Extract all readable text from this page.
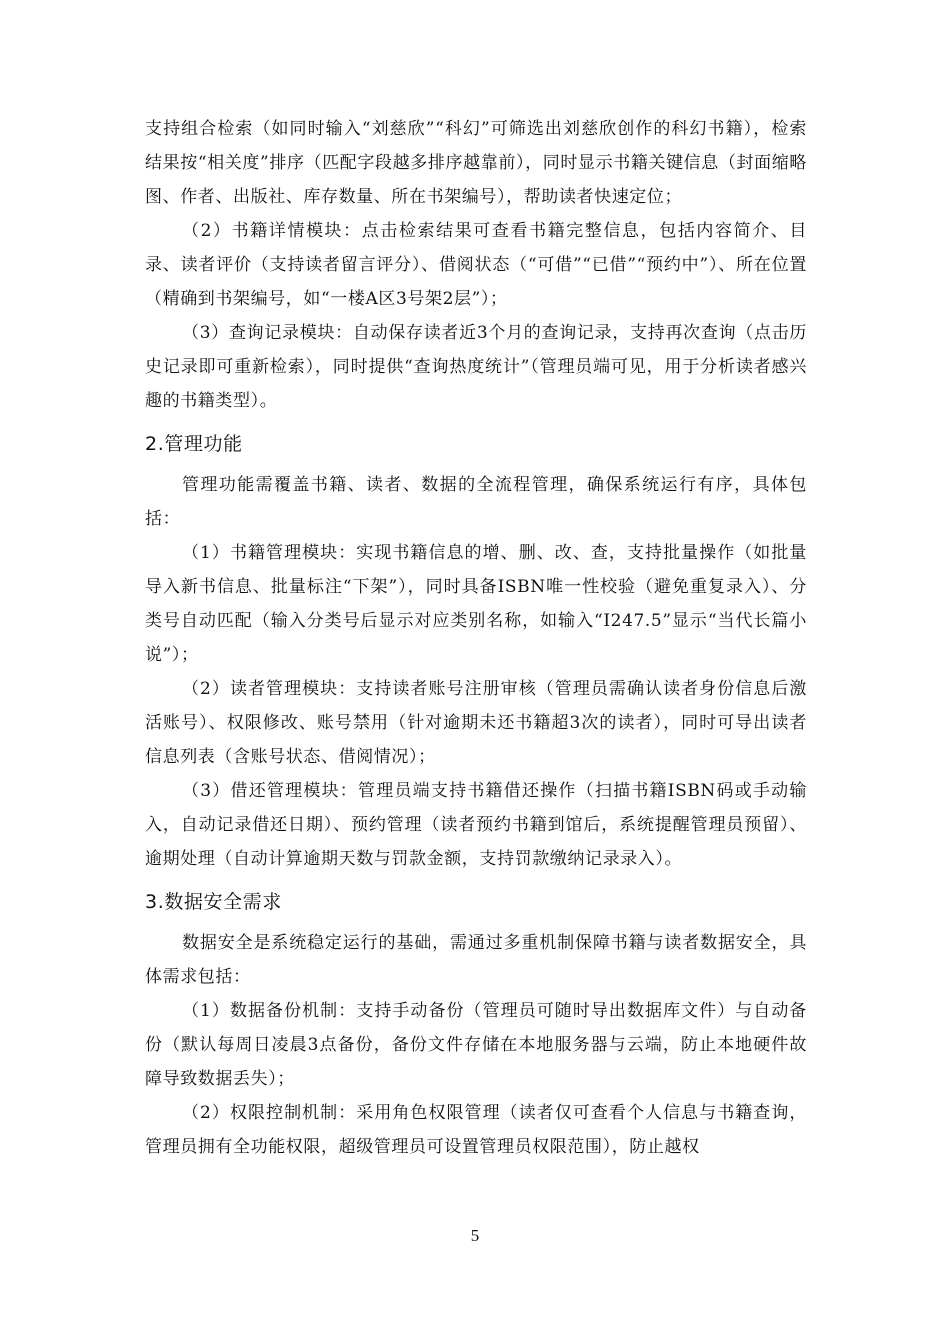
支持组合检索（如同时输入“刘慈欣”“科幻”可筛选出刘慈欣创作的科幻书籍），检索结果按“相关度”排序（匹配字段越多排序越靠前），同时显示书籍关键信息（封面缩略图、作者、出版社、库存数量、所在书架编号），帮助读者快速定位；

（2）书籍详情模块：点击检索结果可查看书籍完整信息，包括内容简介、目录、读者评价（支持读者留言评分）、借阅状态（“可借”“已借”“预约中”）、所在位置（精确到书架编号，如“一楼A区3号架2层”）；

（3）查询记录模块：自动保存读者近3个月的查询记录，支持再次查询（点击历史记录即可重新检索），同时提供“查询热度统计”（管理员端可见，用于分析读者感兴趣的书籍类型）。

2.管理功能

管理功能需覆盖书籍、读者、数据的全流程管理，确保系统运行有序，具体包括：

（1）书籍管理模块：实现书籍信息的增、删、改、查，支持批量操作（如批量导入新书信息、批量标注“下架”），同时具备ISBN唯一性校验（避免重复录入）、分类号自动匹配（输入分类号后显示对应类别名称，如输入“I247.5”显示“当代长篇小说”）；

（2）读者管理模块：支持读者账号注册审核（管理员需确认读者身份信息后激活账号）、权限修改、账号禁用（针对逾期未还书籍超3次的读者），同时可导出读者信息列表（含账号状态、借阅情况）；

（3）借还管理模块：管理员端支持书籍借还操作（扫描书籍ISBN码或手动输入，自动记录借还日期）、预约管理（读者预约书籍到馆后，系统提醒管理员预留）、逾期处理（自动计算逾期天数与罚款金额，支持罚款缴纳记录录入）。

3.数据安全需求

数据安全是系统稳定运行的基础，需通过多重机制保障书籍与读者数据安全，具体需求包括：

（1）数据备份机制：支持手动备份（管理员可随时导出数据库文件）与自动备份（默认每周日凌晨3点备份，备份文件存储在本地服务器与云端，防止本地硬件故障导致数据丢失）；

（2）权限控制机制：采用角色权限管理（读者仅可查看个人信息与书籍查询，管理员拥有全功能权限，超级管理员可设置管理员权限范围），防止越权

5
